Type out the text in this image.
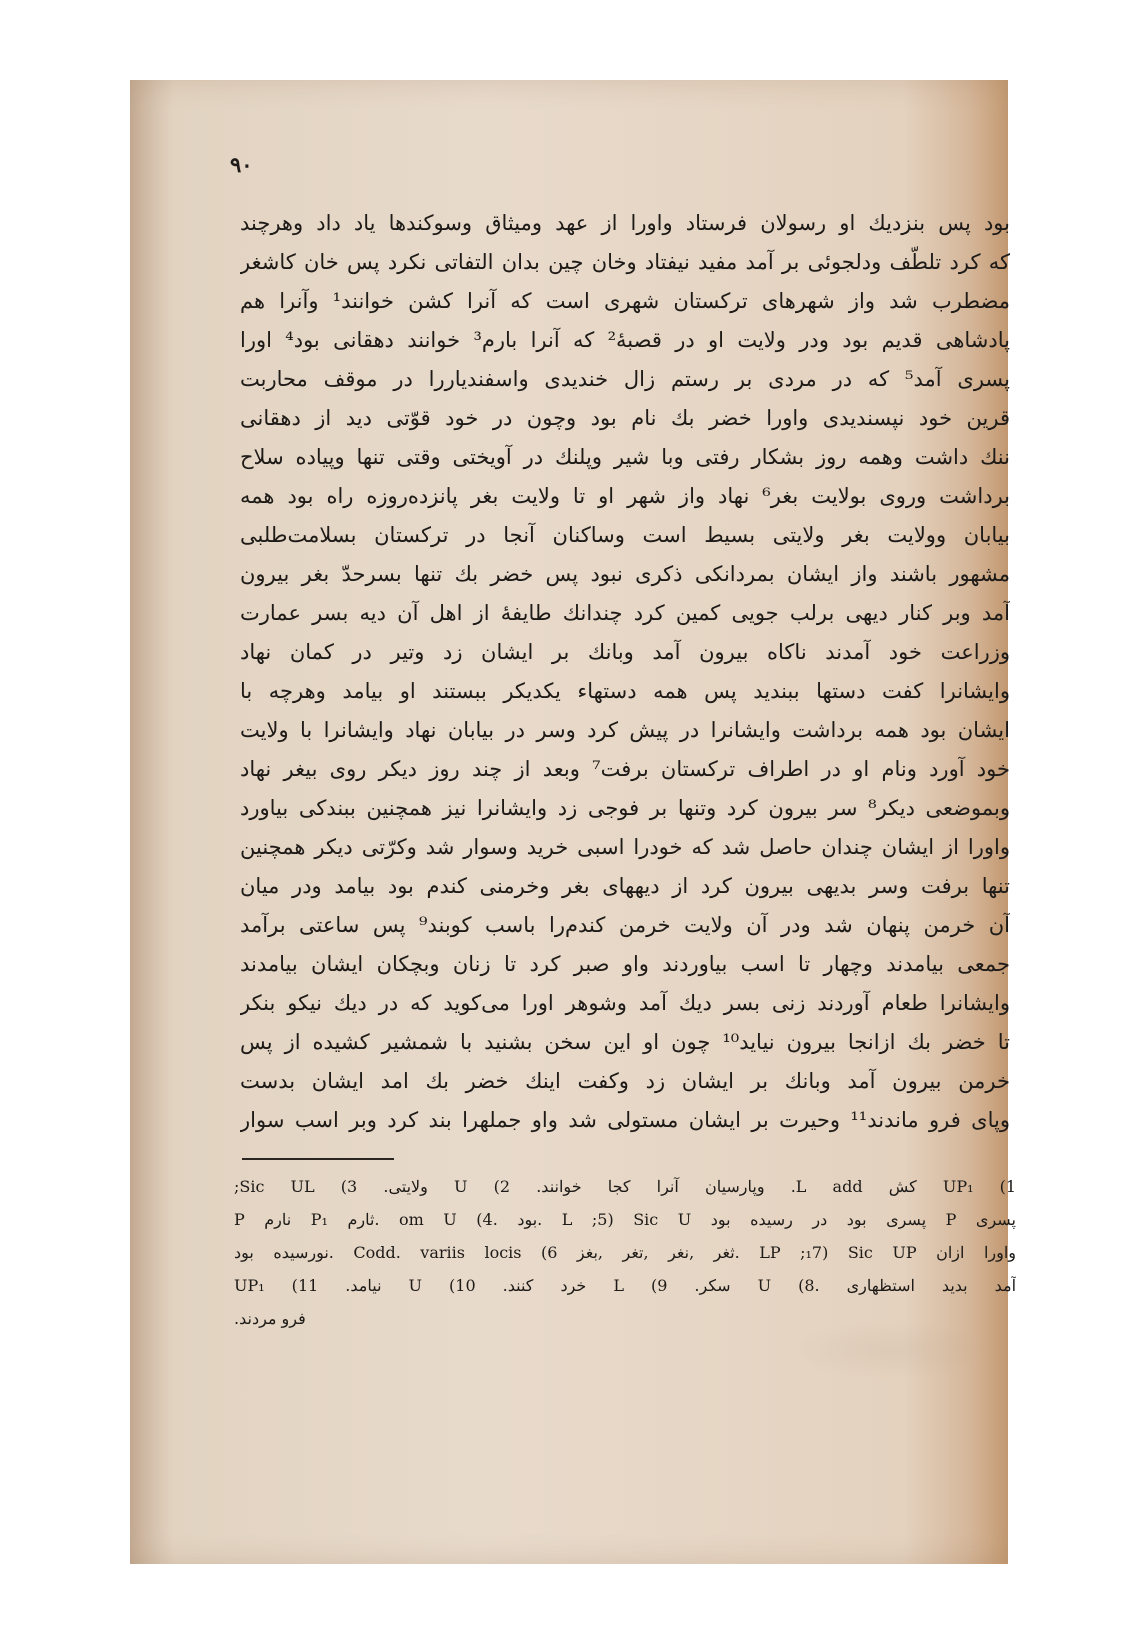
۹۰
بود پس بنزدیك او رسولان فرستاد واورا از عهد ومیثاق وسوکندها یاد داد وهرچند
که کرد تلطّف ودلجوئی بر آمد مفید نیفتاد وخان چین بدان التفاتی نکرد پس خان کاشغر
مضطرب شد واز شهرهای ترکستان شهری است که آنرا کشن خوانند¹ وآنرا هم
پادشاهی قدیم بود ودر ولایت او در قصبهٔ² که آنرا بارم³ خوانند دهقانی بود⁴ اورا
پسری آمد⁵ که در مردی بر رستم زال خندیدی واسفندیاررا در موقف محاربت
قرین خود نپسندیدی واورا خضر بك نام بود وچون در خود قوّتی دید از دهقانی
ننك داشت وهمه روز بشکار رفتی وبا شیر وپلنك در آویختی وقتی تنها وپیاده سلاح
برداشت وروی بولایت بغر⁶ نهاد واز شهر او تا ولایت بغر پانزده‌روزه راه بود همه
بیابان وولایت بغر ولایتی بسیط است وساکنان آنجا در ترکستان بسلامت‌طلبی
مشهور باشند واز ایشان بمردانکی ذکری نبود پس خضر بك تنها بسرحدّ بغر بیرون
آمد وبر کنار دیهی برلب جویی کمین کرد چندانك طایفهٔ از اهل آن دیه بسر عمارت
وزراعت خود آمدند ناکاه بیرون آمد وبانك بر ایشان زد وتیر در کمان نهاد
وایشانرا کفت دستها ببندید پس همه دستهاء یکدیکر ببستند او بیامد وهرچه با
ایشان بود همه برداشت وایشانرا در پیش کرد وسر در بیابان نهاد وایشانرا با ولایت
خود آورد ونام او در اطراف ترکستان برفت⁷ وبعد از چند روز دیکر روی بیغر نهاد
وبموضعی دیکر⁸ سر بیرون کرد وتنها بر فوجی زد وایشانرا نیز همچنین ببندکی بیاورد
واورا از ایشان چندان حاصل شد که خودرا اسبی خرید وسوار شد وکرّتی دیکر همچنین
تنها برفت وسر بدیهی بیرون کرد از دیههای بغر وخرمنی کندم بود بیامد ودر میان
آن خرمن پنهان شد ودر آن ولایت خرمن کندم‌را باسب کوبند⁹ پس ساعتی برآمد
جمعی بیامدند وچهار تا اسب بیاوردند واو صبر کرد تا زنان وبچکان ایشان بیامدند
وایشانرا طعام آوردند زنی بسر دیك آمد وشوهر اورا می‌کوید که در دیك نیکو بنکر
تا خضر بك ازانجا بیرون نیاید¹⁰ چون او این سخن بشنید با شمشیر کشیده از پس
خرمن بیرون آمد وبانك بر ایشان زد وکفت اینك خضر بك امد ایشان بدست
وپای فرو ماندند¹¹ وحیرت بر ایشان مستولی شد واو جملهرا بند کرد وبر اسب سوار
1) UP₁ کش L add. وپارسیان آنرا کجا خوانند. 2) U ولایتی. 3) Sic UL;
پسری P پسری بود در رسیده بود L ;5) Sic U .بود .om U (4 .ثارم P₁ نارم P
واورا ازان LP ;₁7) Sic UP .ثغر ,نغر ,تغر ,بغز 6) Codd. variis locis .نورسیده بود
آمد بدید استظهاری .8) U سکر. 9) L خرد کنند. 10) U نیامد. 11) UP₁
فرو مردند.
